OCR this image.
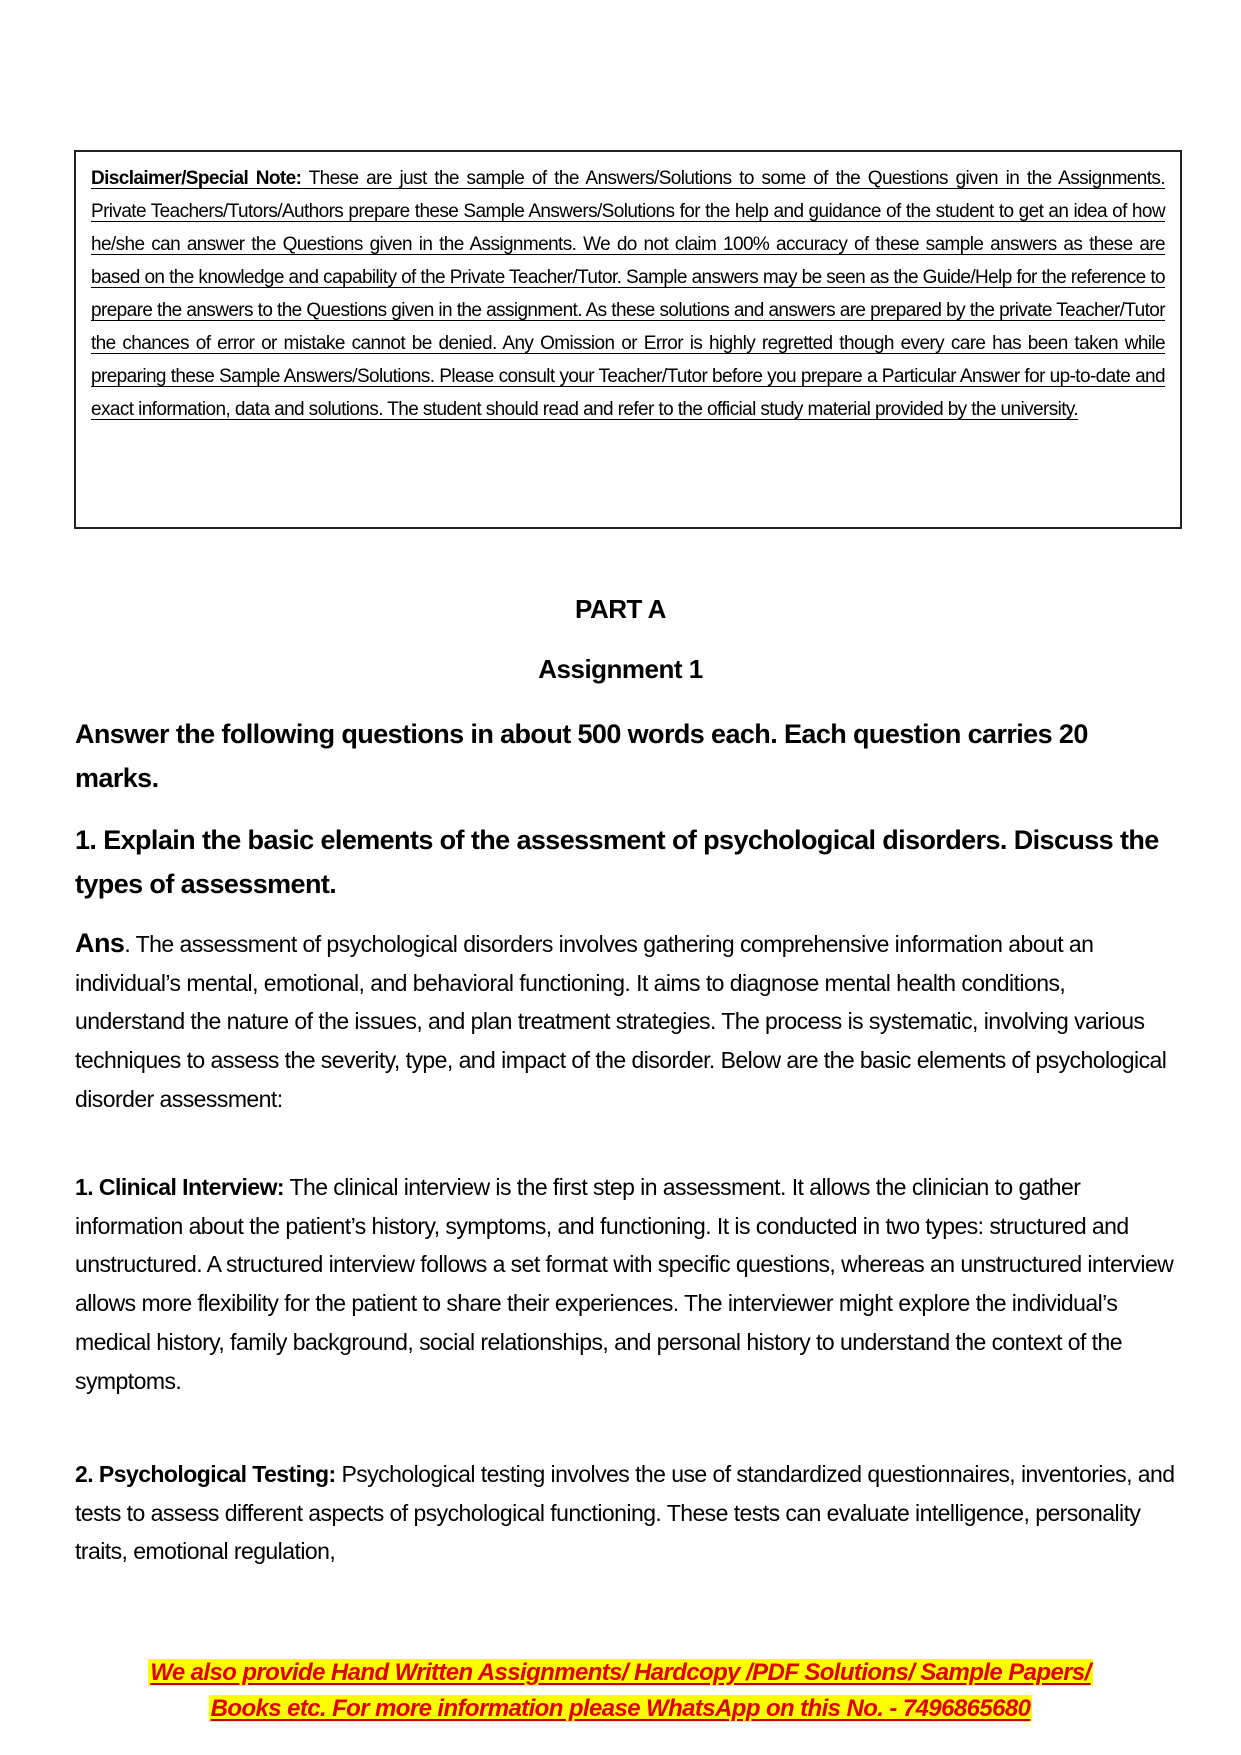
Disclaimer/Special Note: These are just the sample of the Answers/Solutions to some of the Questions given in the Assignments. Private Teachers/Tutors/Authors prepare these Sample Answers/Solutions for the help and guidance of the student to get an idea of how he/she can answer the Questions given in the Assignments. We do not claim 100% accuracy of these sample answers as these are based on the knowledge and capability of the Private Teacher/Tutor. Sample answers may be seen as the Guide/Help for the reference to prepare the answers to the Questions given in the assignment. As these solutions and answers are prepared by the private Teacher/Tutor the chances of error or mistake cannot be denied. Any Omission or Error is highly regretted though every care has been taken while preparing these Sample Answers/Solutions. Please consult your Teacher/Tutor before you prepare a Particular Answer for up-to-date and exact information, data and solutions. The student should read and refer to the official study material provided by the university.
PART A
Assignment 1
Answer the following questions in about 500 words each. Each question carries 20 marks.
1. Explain the basic elements of the assessment of psychological disorders. Discuss the types of assessment.
Ans. The assessment of psychological disorders involves gathering comprehensive information about an individual’s mental, emotional, and behavioral functioning. It aims to diagnose mental health conditions, understand the nature of the issues, and plan treatment strategies. The process is systematic, involving various techniques to assess the severity, type, and impact of the disorder. Below are the basic elements of psychological disorder assessment:
1. Clinical Interview: The clinical interview is the first step in assessment. It allows the clinician to gather information about the patient’s history, symptoms, and functioning. It is conducted in two types: structured and unstructured. A structured interview follows a set format with specific questions, whereas an unstructured interview allows more flexibility for the patient to share their experiences. The interviewer might explore the individual’s medical history, family background, social relationships, and personal history to understand the context of the symptoms.
2. Psychological Testing: Psychological testing involves the use of standardized questionnaires, inventories, and tests to assess different aspects of psychological functioning. These tests can evaluate intelligence, personality traits, emotional regulation,
We also provide Hand Written Assignments/ Hardcopy /PDF Solutions/ Sample Papers/
Books etc. For more information please WhatsApp on this No. - 7496865680
